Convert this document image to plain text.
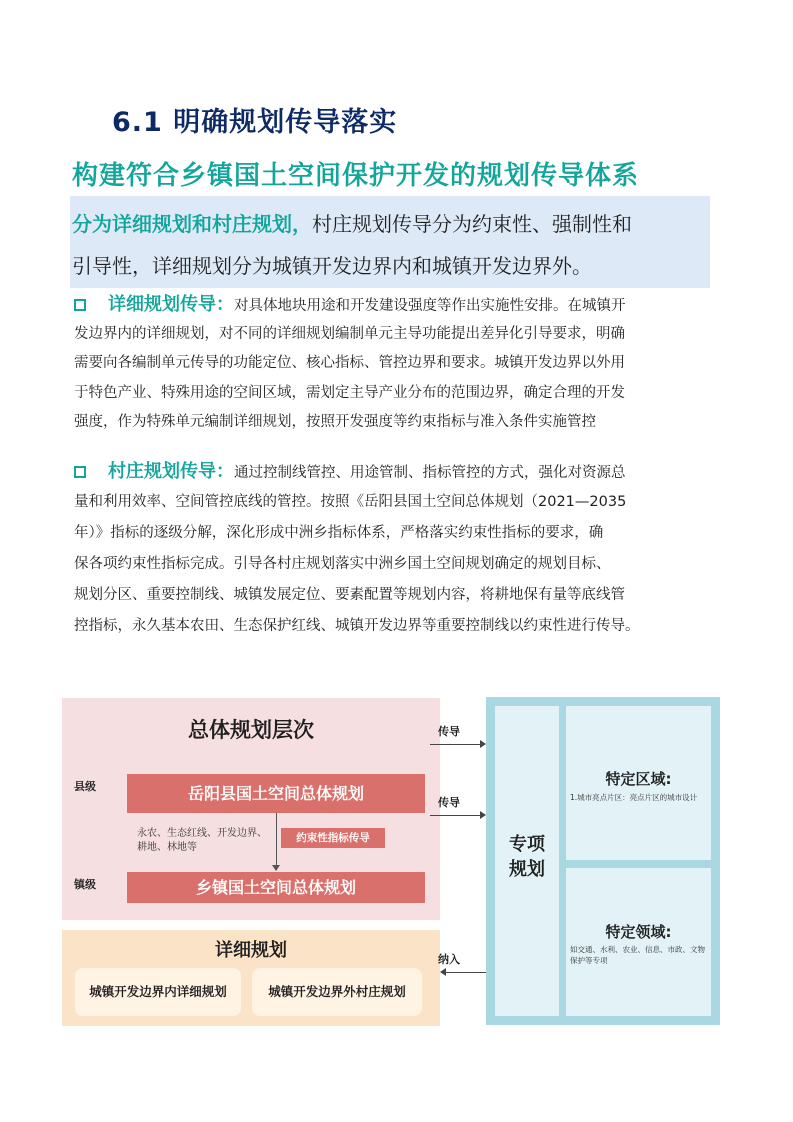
6.1 明确规划传导落实
构建符合乡镇国土空间保护开发的规划传导体系
分为详细规划和村庄规划，村庄规划传导分为约束性、强制性和
引导性，详细规划分为城镇开发边界内和城镇开发边界外。
详细规划传导：对具体地块用途和开发建设强度等作出实施性安排。在城镇开
发边界内的详细规划，对不同的详细规划编制单元主导功能提出差异化引导要求，明确
需要向各编制单元传导的功能定位、核心指标、管控边界和要求。城镇开发边界以外用
于特色产业、特殊用途的空间区域，需划定主导产业分布的范围边界，确定合理的开发
强度，作为特殊单元编制详细规划，按照开发强度等约束指标与准入条件实施管控
村庄规划传导：通过控制线管控、用途管制、指标管控的方式，强化对资源总
量和利用效率、空间管控底线的管控。按照《岳阳县国土空间总体规划（2021—2035
年）》指标的逐级分解，深化形成中洲乡指标体系，严格落实约束性指标的要求，确
保各项约束性指标完成。引导各村庄规划落实中洲乡国土空间规划确定的规划目标、
规划分区、重要控制线、城镇发展定位、要素配置等规划内容，将耕地保有量等底线管
控指标，永久基本农田、生态保护红线、城镇开发边界等重要控制线以约束性进行传导。
总体规划层次
县级	岳阳县国土空间总体规划
永农、生态红线、开发边界、
耕地、林地等
约束性指标传导
镇级	乡镇国土空间总体规划
详细规划
城镇开发边界内详细规划	城镇开发边界外村庄规划
传导
传导
纳入
专项
规划
特定区域:
1.城市亮点片区：亮点片区的城市设计
特定领域:
如交通、水利、农业、信息、市政、文物
保护等专项
